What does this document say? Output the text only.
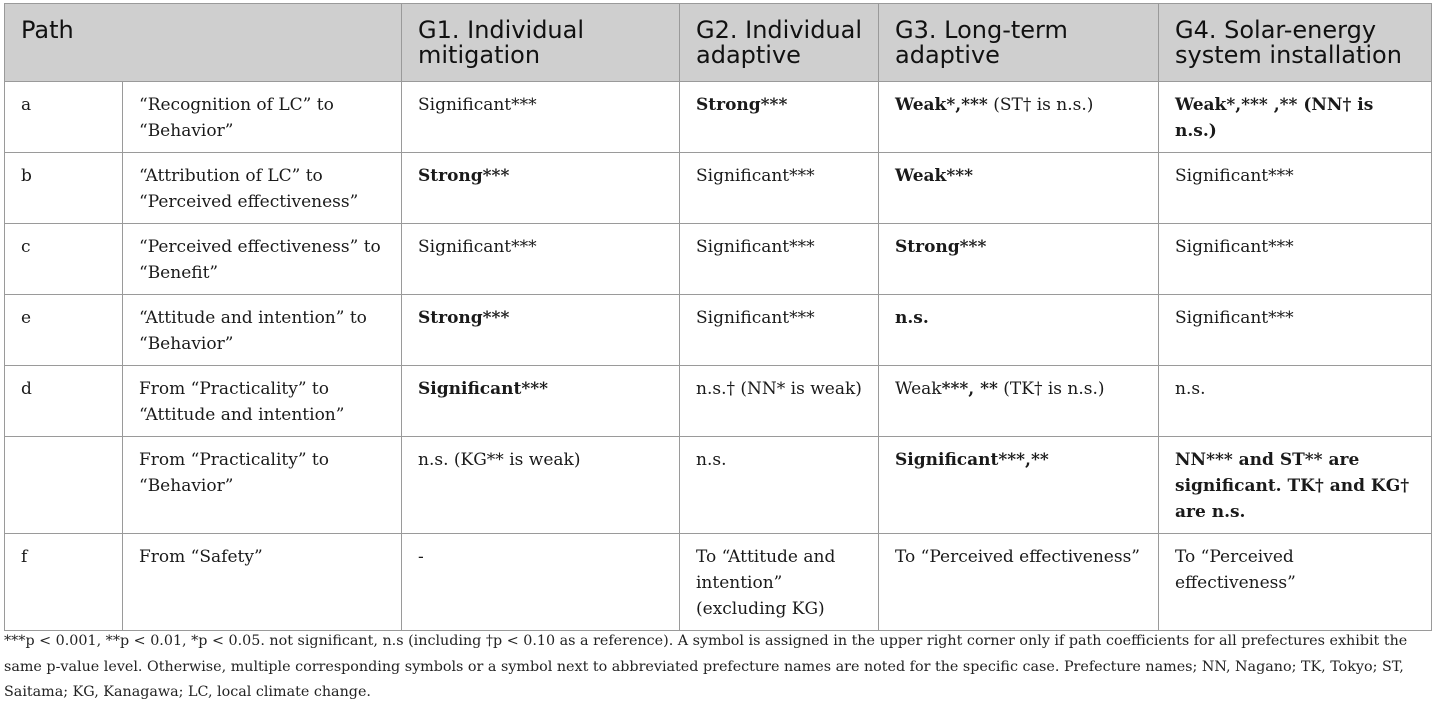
Path		G1. Individual mitigation	G2. Individual adaptive	G3. Long-term adaptive	G4. Solar-energy system installation
a	“Recognition of LC” to “Behavior”	Significant***	Strong***	Weak*,*** (ST† is n.s.)	Weak*,*** ,** (NN† is n.s.)
b	“Attribution of LC” to “Perceived effectiveness”	Strong***	Significant***	Weak***	Significant***
c	“Perceived effectiveness” to “Benefit”	Significant***	Significant***	Strong***	Significant***
e	“Attitude and intention” to “Behavior”	Strong***	Significant***	n.s.	Significant***
d	From “Practicality” to “Attitude and intention”	Significant***	n.s.† (NN* is weak)	Weak***, ** (TK† is n.s.)	n.s.
	From “Practicality” to “Behavior”	n.s. (KG** is weak)	n.s.	Significant***,**	NN*** and ST** are significant. TK† and KG† are n.s.
f	From “Safety”	-	To “Attitude and intention” (excluding KG)	To “Perceived effectiveness”	To “Perceived effectiveness”
***p < 0.001, **p < 0.01, *p < 0.05. not significant, n.s (including †p < 0.10 as a reference). A symbol is assigned in the upper right corner only if path coefficients for all prefectures exhibit the same p-value level. Otherwise, multiple corresponding symbols or a symbol next to abbreviated prefecture names are noted for the specific case. Prefecture names; NN, Nagano; TK, Tokyo; ST, Saitama; KG, Kanagawa; LC, local climate change.
